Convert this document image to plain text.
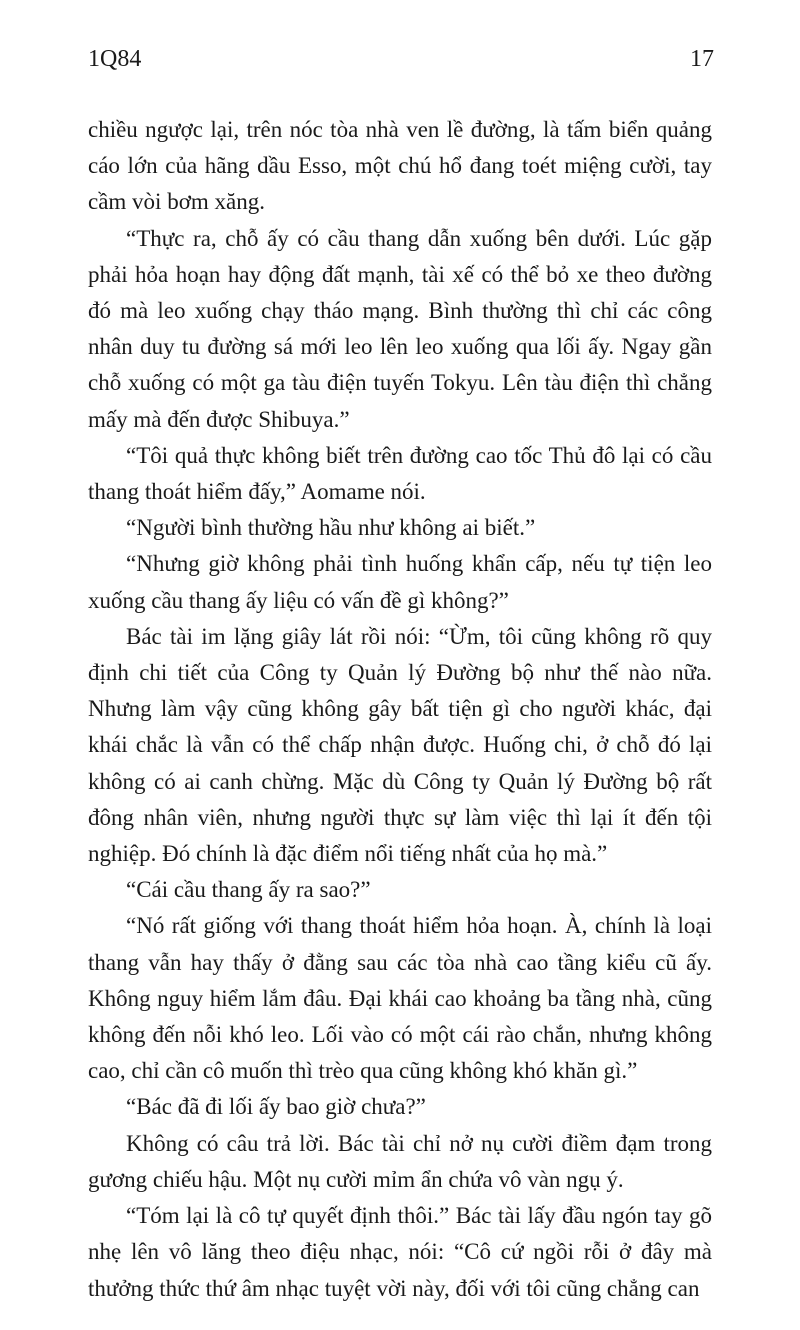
1Q84	17

chiều ngược lại, trên nóc tòa nhà ven lề đường, là tấm biển quảng cáo lớn của hãng dầu Esso, một chú hổ đang toét miệng cười, tay cầm vòi bơm xăng.

“Thực ra, chỗ ấy có cầu thang dẫn xuống bên dưới. Lúc gặp phải hỏa hoạn hay động đất mạnh, tài xế có thể bỏ xe theo đường đó mà leo xuống chạy tháo mạng. Bình thường thì chỉ các công nhân duy tu đường sá mới leo lên leo xuống qua lối ấy. Ngay gần chỗ xuống có một ga tàu điện tuyến Tokyu. Lên tàu điện thì chẳng mấy mà đến được Shibuya.”

“Tôi quả thực không biết trên đường cao tốc Thủ đô lại có cầu thang thoát hiểm đấy,” Aomame nói.

“Người bình thường hầu như không ai biết.”

“Nhưng giờ không phải tình huống khẩn cấp, nếu tự tiện leo xuống cầu thang ấy liệu có vấn đề gì không?”

Bác tài im lặng giây lát rồi nói: “Ừm, tôi cũng không rõ quy định chi tiết của Công ty Quản lý Đường bộ như thế nào nữa. Nhưng làm vậy cũng không gây bất tiện gì cho người khác, đại khái chắc là vẫn có thể chấp nhận được. Huống chi, ở chỗ đó lại không có ai canh chừng. Mặc dù Công ty Quản lý Đường bộ rất đông nhân viên, nhưng người thực sự làm việc thì lại ít đến tội nghiệp. Đó chính là đặc điểm nổi tiếng nhất của họ mà.”

“Cái cầu thang ấy ra sao?”

“Nó rất giống với thang thoát hiểm hỏa hoạn. À, chính là loại thang vẫn hay thấy ở đằng sau các tòa nhà cao tầng kiểu cũ ấy. Không nguy hiểm lắm đâu. Đại khái cao khoảng ba tầng nhà, cũng không đến nỗi khó leo. Lối vào có một cái rào chắn, nhưng không cao, chỉ cần cô muốn thì trèo qua cũng không khó khăn gì.”

“Bác đã đi lối ấy bao giờ chưa?”

Không có câu trả lời. Bác tài chỉ nở nụ cười điềm đạm trong gương chiếu hậu. Một nụ cười mỉm ẩn chứa vô vàn ngụ ý.

“Tóm lại là cô tự quyết định thôi.” Bác tài lấy đầu ngón tay gõ nhẹ lên vô lăng theo điệu nhạc, nói: “Cô cứ ngồi rỗi ở đây mà thưởng thức thứ âm nhạc tuyệt vời này, đối với tôi cũng chẳng can
